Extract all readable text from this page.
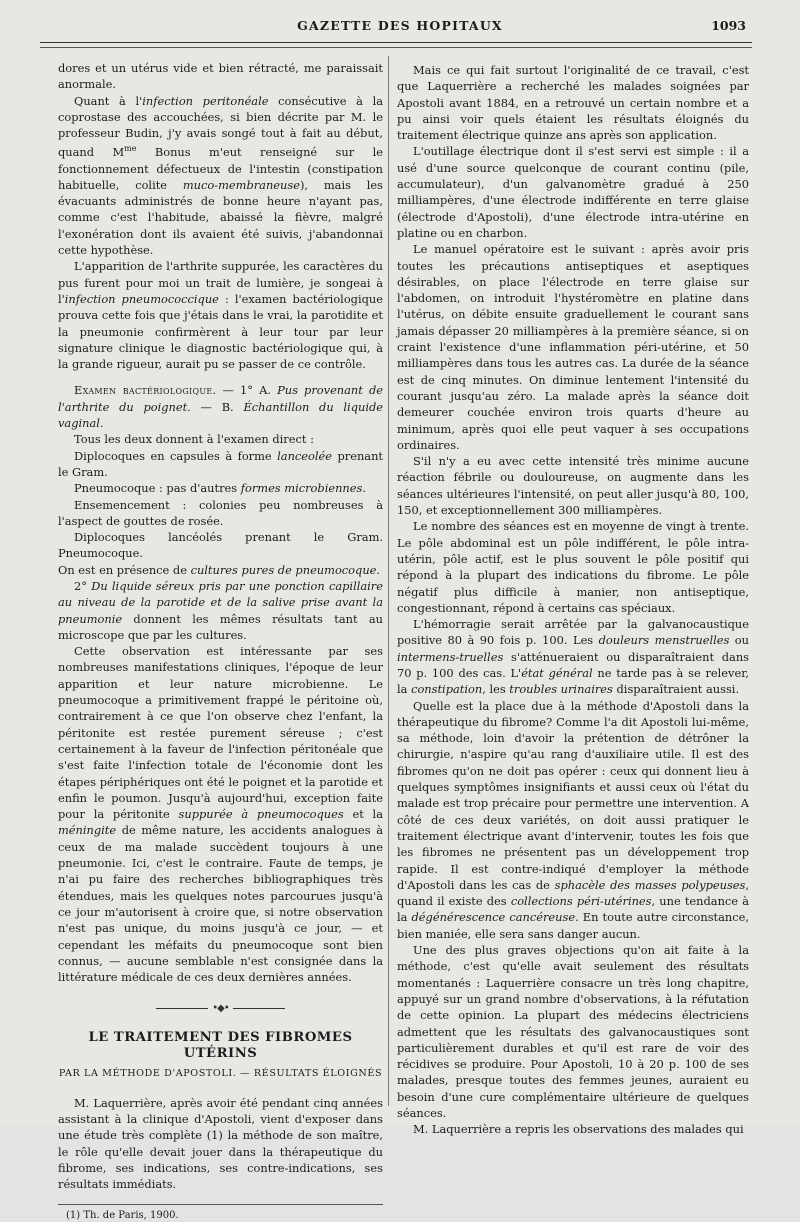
GAZETTE DES HOPITAUX	1093

dores et un utérus vide et bien rétracté, me paraissait anormale.

Quant à l'infection peritonéale consécutive à la coprostase des accouchées, si bien décrite par M. le professeur Budin, j'y avais songé tout à fait au début, quand $M^{me}$ Bonus m'eut renseigné sur le fonctionnement défectueux de l'intestin (constipation habituelle, colite muco-membraneuse), mais les évacuants administrés de bonne heure n'ayant pas, comme c'est l'habitude, abaissé la fièvre, malgré l'exonération dont ils avaient été suivis, j'abandonnai cette hypothèse.

L'apparition de l'arthrite suppurée, les caractères du pus furent pour moi un trait de lumière, je songeai à l'infection pneumococcique : l'examen bactériologique prouva cette fois que j'étais dans le vrai, la parotidite et la pneumonie confirmèrent à leur tour par leur signature clinique le diagnostic bactériologique qui, à la grande rigueur, aurait pu se passer de ce contrôle.

Examen bactériologique. — 1° A. Pus provenant de l'arthrite du poignet. — B. Échantillon du liquide vaginal.

Tous les deux donnent à l'examen direct :

Diplocoques en capsules à forme lanceolée prenant le Gram.

Pneumocoque : pas d'autres formes microbiennes.

Ensemencement : colonies peu nombreuses à l'aspect de gouttes de rosée.

Diplocoques lancéolés prenant le Gram. Pneumocoque.

On est en présence de cultures pures de pneumocoque.

2° Du liquide séreux pris par une ponction capillaire au niveau de la parotide et de la salive prise avant la pneumonie donnent les mêmes résultats tant au microscope que par les cultures.

Cette observation est intéressante par ses nombreuses manifestations cliniques, l'époque de leur apparition et leur nature microbienne. Le pneumocoque a primitivement frappé le péritoine où, contrairement à ce que l'on observe chez l'enfant, la péritonite est restée purement séreuse ; c'est certainement à la faveur de l'infection péritonéale que s'est faite l'infection totale de l'économie dont les étapes périphériques ont été le poignet et la parotide et enfin le poumon. Jusqu'à aujourd'hui, exception faite pour la péritonite suppurée à pneumocoques et la méningite de même nature, les accidents analogues à ceux de ma malade succèdent toujours à une pneumonie. Ici, c'est le contraire. Faute de temps, je n'ai pu faire des recherches bibliographiques très étendues, mais les quelques notes parcourues jusqu'à ce jour m'autorisent à croire que, si notre observation n'est pas unique, du moins jusqu'à ce jour, — et cependant les méfaits du pneumocoque sont bien connus, — aucune semblable n'est consignée dans la littérature médicale de ces deux dernières années.

•◆•
LE TRAITEMENT DES FIBROMES UTÉRINS
PAR LA MÉTHODE D'APOSTOLI. — RÉSULTATS ÉLOIGNÉS

M. Laquerrière, après avoir été pendant cinq années assistant à la clinique d'Apostoli, vient d'exposer dans une étude très complète (1) la méthode de son maître, le rôle qu'elle devait jouer dans la thérapeutique du fibrome, ses indications, ses contre-indications, ses résultats immédiats.

(1) Th. de Paris, 1900.

Mais ce qui fait surtout l'originalité de ce travail, c'est que Laquerrière a recherché les malades soignées par Apostoli avant 1884, en a retrouvé un certain nombre et a pu ainsi voir quels étaient les résultats éloignés du traitement électrique quinze ans après son application.

L'outillage électrique dont il s'est servi est simple : il a usé d'une source quelconque de courant continu (pile, accumulateur), d'un galvanomètre gradué à 250 milliampères, d'une électrode indifférente en terre glaise (électrode d'Apostoli), d'une électrode intra-utérine en platine ou en charbon.

Le manuel opératoire est le suivant : après avoir pris toutes les précautions antiseptiques et aseptiques désirables, on place l'électrode en terre glaise sur l'abdomen, on introduit l'hystéromètre en platine dans l'utérus, on débite ensuite graduellement le courant sans jamais dépasser 20 milliampères à la première séance, si on craint l'existence d'une inflammation péri-utérine, et 50 milliampères dans tous les autres cas. La durée de la séance est de cinq minutes. On diminue lentement l'intensité du courant jusqu'au zéro. La malade après la séance doit demeurer couchée environ trois quarts d'heure au minimum, après quoi elle peut vaquer à ses occupations ordinaires.

S'il n'y a eu avec cette intensité très minime aucune réaction fébrile ou douloureuse, on augmente dans les séances ultérieures l'intensité, on peut aller jusqu'à 80, 100, 150, et exceptionnellement 300 milliampères.

Le nombre des séances est en moyenne de vingt à trente. Le pôle abdominal est un pôle indifférent, le pôle intra-utérin, pôle actif, est le plus souvent le pôle positif qui répond à la plupart des indications du fibrome. Le pôle négatif plus difficile à manier, non antiseptique, congestionnant, répond à certains cas spéciaux.

L'hémorragie serait arrêtée par la galvanocaustique positive 80 à 90 fois p. 100. Les douleurs menstruelles ou intermens-truelles s'atténueraient ou disparaîtraient dans 70 p. 100 des cas. L'état général ne tarde pas à se relever, la constipation, les troubles urinaires disparaîtraient aussi.

Quelle est la place due à la méthode d'Apostoli dans la thérapeutique du fibrome? Comme l'a dit Apostoli lui-même, sa méthode, loin d'avoir la prétention de détrôner la chirurgie, n'aspire qu'au rang d'auxiliaire utile. Il est des fibromes qu'on ne doit pas opérer : ceux qui donnent lieu à quelques symptômes insignifiants et aussi ceux où l'état du malade est trop précaire pour permettre une intervention. A côté de ces deux variétés, on doit aussi pratiquer le traitement électrique avant d'intervenir, toutes les fois que les fibromes ne présentent pas un développement trop rapide. Il est contre-indiqué d'employer la méthode d'Apostoli dans les cas de sphacèle des masses polypeuses, quand il existe des collections péri-utérines, une tendance à la dégénérescence cancéreuse. En toute autre circonstance, bien maniée, elle sera sans danger aucun.

Une des plus graves objections qu'on ait faite à la méthode, c'est qu'elle avait seulement des résultats momentanés : Laquerrière consacre un très long chapitre, appuyé sur un grand nombre d'observations, à la réfutation de cette opinion. La plupart des médecins électriciens admettent que les résultats des galvanocaustiques sont particulièrement durables et qu'il est rare de voir des récidives se produire. Pour Apostoli, 10 à 20 p. 100 de ses malades, presque toutes des femmes jeunes, auraient eu besoin d'une cure complémentaire ultérieure de quelques séances.

M. Laquerrière a repris les observations des malades qui
